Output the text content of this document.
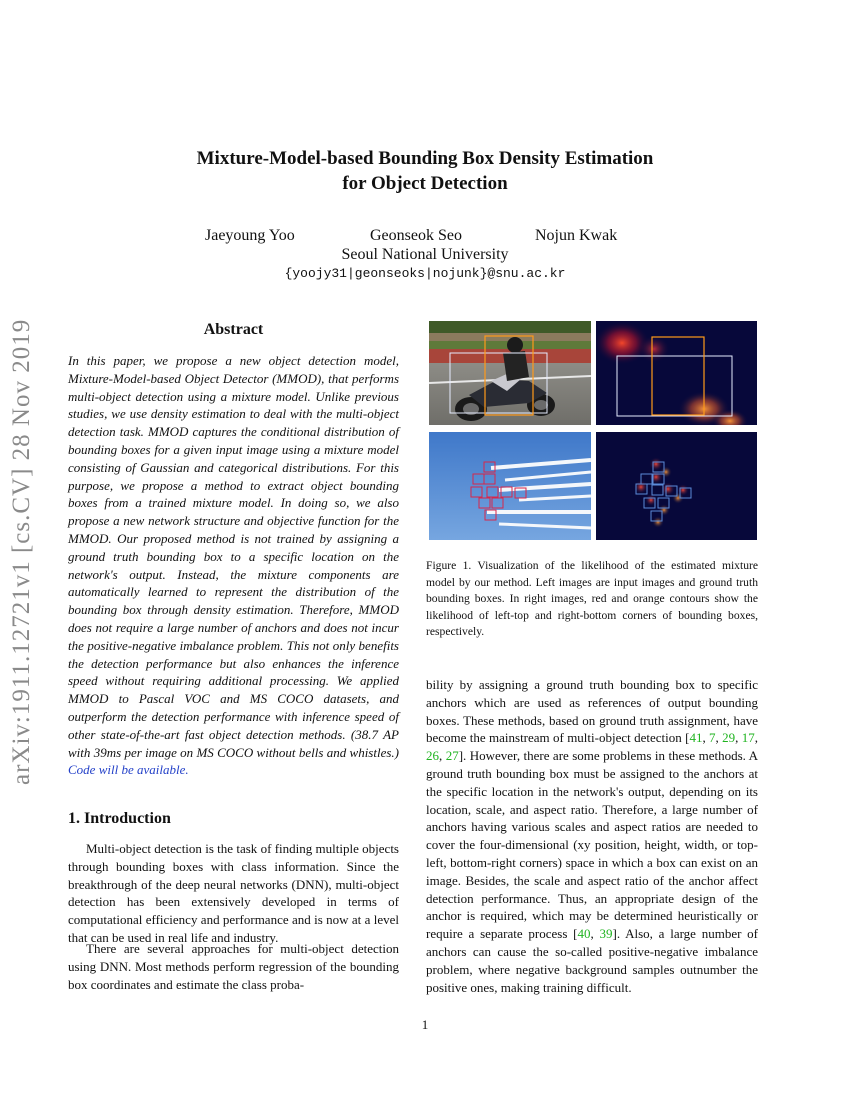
arXiv:1911.12721v1 [cs.CV] 28 Nov 2019
Mixture-Model-based Bounding Box Density Estimation
for Object Detection
Jaeyoung Yoo	Geonseok Seo	Nojun Kwak
Seoul National University
{yoojy31|geonseoks|nojunk}@snu.ac.kr
Abstract
In this paper, we propose a new object detection model, Mixture-Model-based Object Detector (MMOD), that performs multi-object detection using a mixture model. Unlike previous studies, we use density estimation to deal with the multi-object detection task. MMOD captures the conditional distribution of bounding boxes for a given input image using a mixture model consisting of Gaussian and categorical distributions. For this purpose, we propose a method to extract object bounding boxes from a trained mixture model. In doing so, we also propose a new network structure and objective function for the MMOD. Our proposed method is not trained by assigning a ground truth bounding box to a specific location on the network's output. Instead, the mixture components are automatically learned to represent the distribution of the bounding box through density estimation. Therefore, MMOD does not require a large number of anchors and does not incur the positive-negative imbalance problem. This not only benefits the detection performance but also enhances the inference speed without requiring additional processing. We applied MMOD to Pascal VOC and MS COCO datasets, and outperform the detection performance with inference speed of other state-of-the-art fast object detection methods. (38.7 AP with 39ms per image on MS COCO without bells and whistles.) Code will be available.
1. Introduction
Multi-object detection is the task of finding multiple objects through bounding boxes with class information. Since the breakthrough of the deep neural networks (DNN), multi-object detection has been extensively developed in terms of computational efficiency and performance and is now at a level that can be used in real life and industry.
There are several approaches for multi-object detection using DNN. Most methods perform regression of the bounding box coordinates and estimate the class proba-
Figure 1. Visualization of the likelihood of the estimated mixture model by our method. Left images are input images and ground truth bounding boxes. In right images, red and orange contours show the likelihood of left-top and right-bottom corners of bounding boxes, respectively.
bility by assigning a ground truth bounding box to specific anchors which are used as references of output bounding boxes. These methods, based on ground truth assignment, have become the mainstream of multi-object detection [41, 7, 29, 17, 26, 27]. However, there are some problems in these methods. A ground truth bounding box must be assigned to the anchors at the specific location in the network's output, depending on its location, scale, and aspect ratio. Therefore, a large number of anchors having various scales and aspect ratios are needed to cover the four-dimensional (xy position, height, width, or top-left, bottom-right corners) space in which a box can exist on an image. Besides, the scale and aspect ratio of the anchor affect detection performance. Thus, an appropriate design of the anchor is required, which may be determined heuristically or require a separate process [40, 39]. Also, a large number of anchors can cause the so-called positive-negative imbalance problem, where negative background samples outnumber the positive ones, making training difficult.
1
